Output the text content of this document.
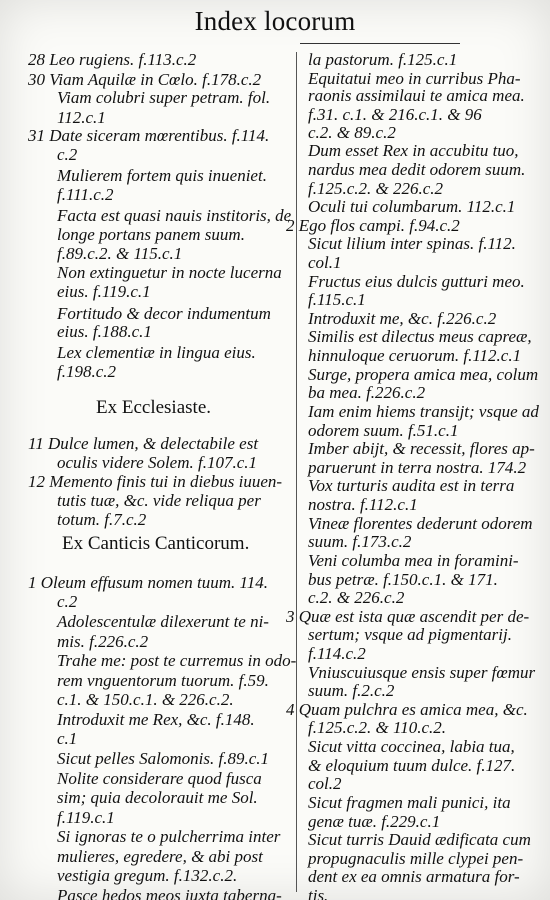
Index locorum
28 Leo rugiens. f.113.c.2
30 Viam Aquilæ in Cœlo. f.178.c.2
Viam colubri super petram. fol.
112.c.1
31 Date siceram mœrentibus. f.114.
c.2
Mulierem fortem quis inueniet.
f.111.c.2
Facta est quasi nauis institoris, de
longe portans panem suum.
f.89.c.2. & 115.c.1
Non extinguetur in nocte lucerna
eius. f.119.c.1
Fortitudo & decor indumentum
eius. f.188.c.1
Lex clementiæ in lingua eius.
f.198.c.2
11 Dulce lumen, & delectabile est
oculis videre Solem. f.107.c.1
12 Memento finis tui in diebus iuuen-
tutis tuæ, &c. vide reliqua per
totum. f.7.c.2
1 Oleum effusum nomen tuum. 114.
c.2
Adolescentulæ dilexerunt te ni-
mis. f.226.c.2
Trahe me: post te curremus in odo-
rem vnguentorum tuorum. f.59.
c.1. & 150.c.1. & 226.c.2.
Introduxit me Rex, &c. f.148.
c.1
Sicut pelles Salomonis. f.89.c.1
Nolite considerare quod fusca
sim; quia decolorauit me Sol.
f.119.c.1
Si ignoras te o pulcherrima inter
mulieres, egredere, & abi post
vestigia gregum. f.132.c.2.
Pasce hedos meos iuxta taberna-
Ex Ecclesiaste.
Ex Canticis Canticorum.
la pastorum. f.125.c.1
Equitatui meo in curribus Pha-
raonis assimilaui te amica mea.
f.31. c.1. & 216.c.1. & 96
c.2. & 89.c.2
Dum esset Rex in accubitu tuo,
nardus mea dedit odorem suum.
f.125.c.2. & 226.c.2
Oculi tui columbarum. 112.c.1
2 Ego flos campi. f.94.c.2
Sicut lilium inter spinas. f.112.
col.1
Fructus eius dulcis gutturi meo.
f.115.c.1
Introduxit me, &c. f.226.c.2
Similis est dilectus meus capreæ,
hinnuloque ceruorum. f.112.c.1
Surge, propera amica mea, colum
ba mea. f.226.c.2
Iam enim hiems transijt; vsque ad
odorem suum. f.51.c.1
Imber abijt, & recessit, flores ap-
paruerunt in terra nostra. 174.2
Vox turturis audita est in terra
nostra. f.112.c.1
Vineæ florentes dederunt odorem
suum. f.173.c.2
Veni columba mea in foramini-
bus petræ. f.150.c.1. & 171.
c.2. & 226.c.2
3 Quæ est ista quæ ascendit per de-
sertum; vsque ad pigmentarij.
f.114.c.2
Vniuscuiusque ensis super fœmur
suum. f.2.c.2
4 Quam pulchra es amica mea, &c.
f.125.c.2. & 110.c.2.
Sicut vitta coccinea, labia tua,
& eloquium tuum dulce. f.127.
col.2
Sicut fragmen mali punici, ita
genæ tuæ. f.229.c.1
Sicut turris Dauid ædificata cum
propugnaculis mille clypei pen-
dent ex ea omnis armatura for-
tis.
